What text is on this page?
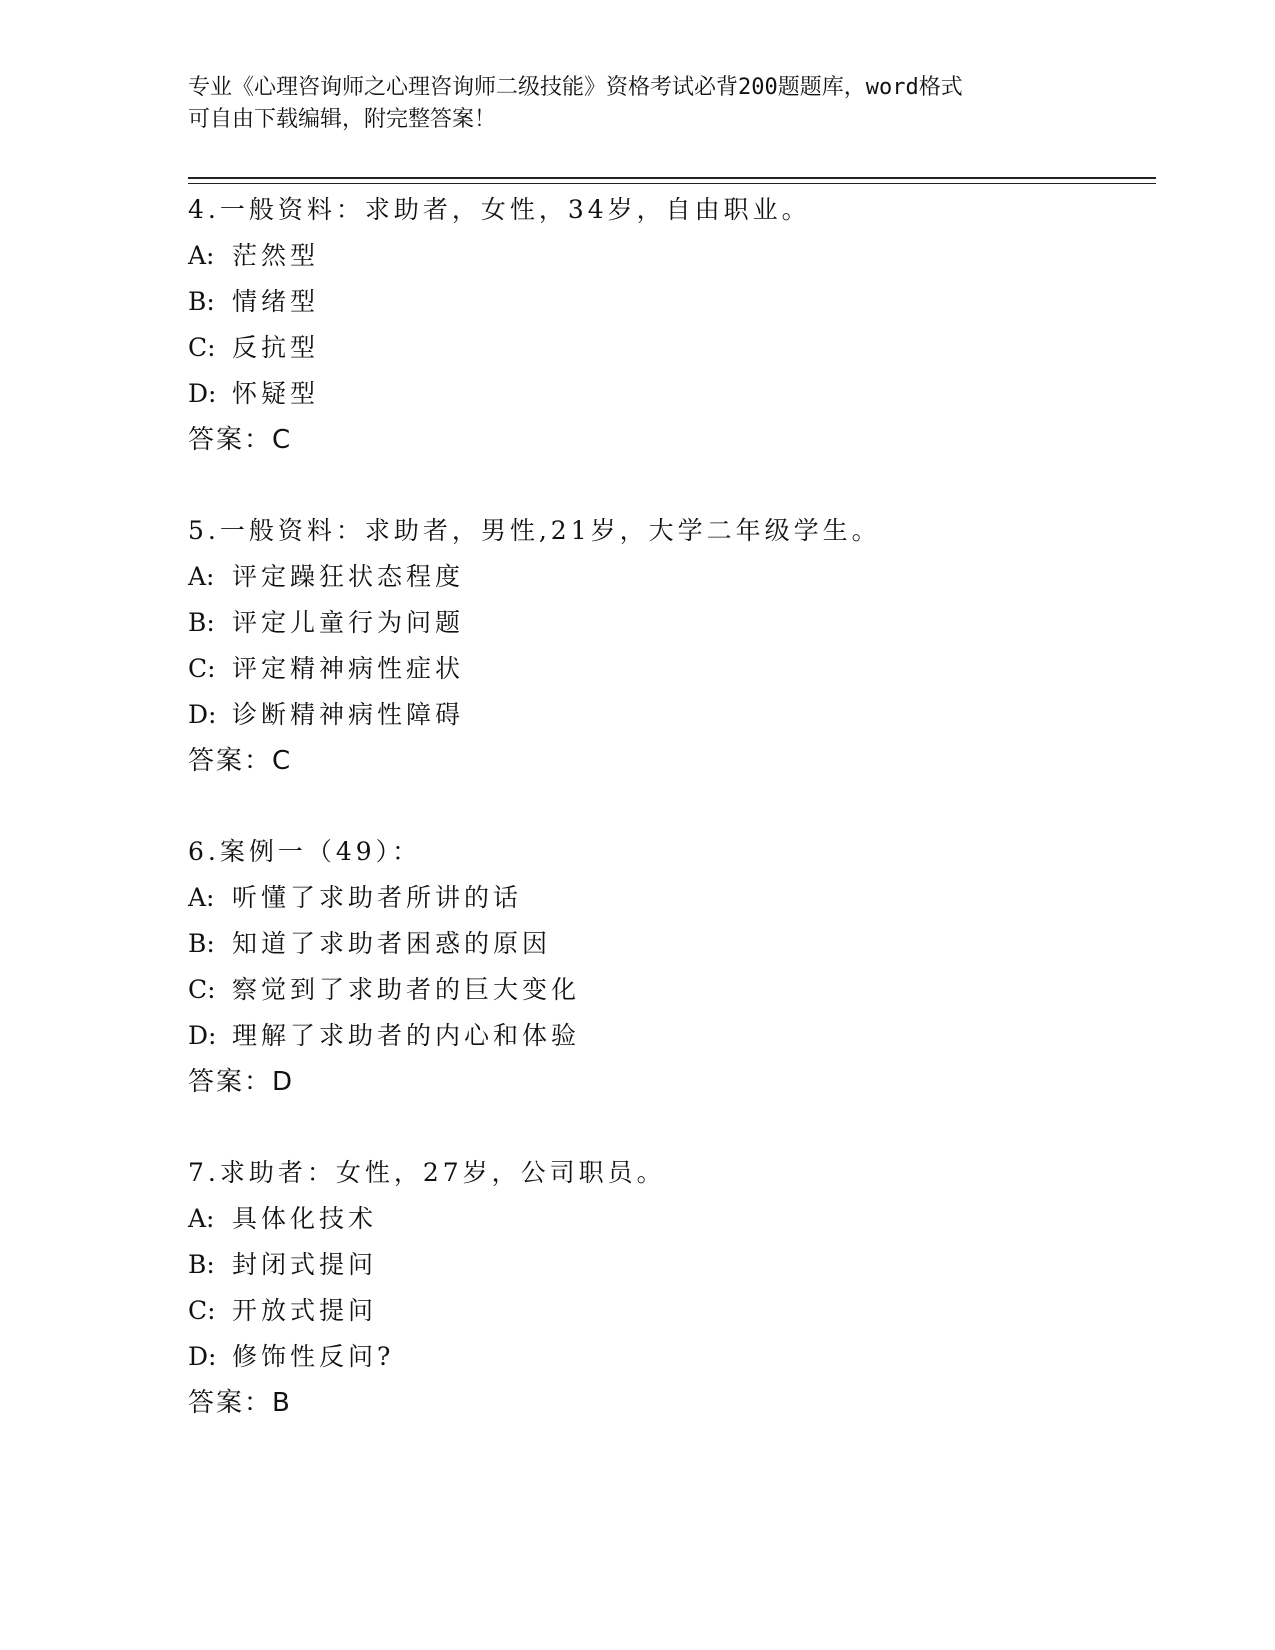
专业《心理咨询师之心理咨询师二级技能》资格考试必背200题题库，word格式
可自由下载编辑，附完整答案！
4.一般资料：求助者，女性，34岁，自由职业。
A: 茫然型
B: 情绪型
C: 反抗型
D: 怀疑型
答案：C
5.一般资料：求助者，男性,21岁，大学二年级学生。
A: 评定躁狂状态程度
B: 评定儿童行为问题
C: 评定精神病性症状
D: 诊断精神病性障碍
答案：C
6.案例一（49）：
A: 听懂了求助者所讲的话
B: 知道了求助者困惑的原因
C: 察觉到了求助者的巨大变化
D: 理解了求助者的内心和体验
答案：D
7.求助者：女性，27岁，公司职员。
A: 具体化技术
B: 封闭式提问
C: 开放式提问
D: 修饰性反问?
答案：B
